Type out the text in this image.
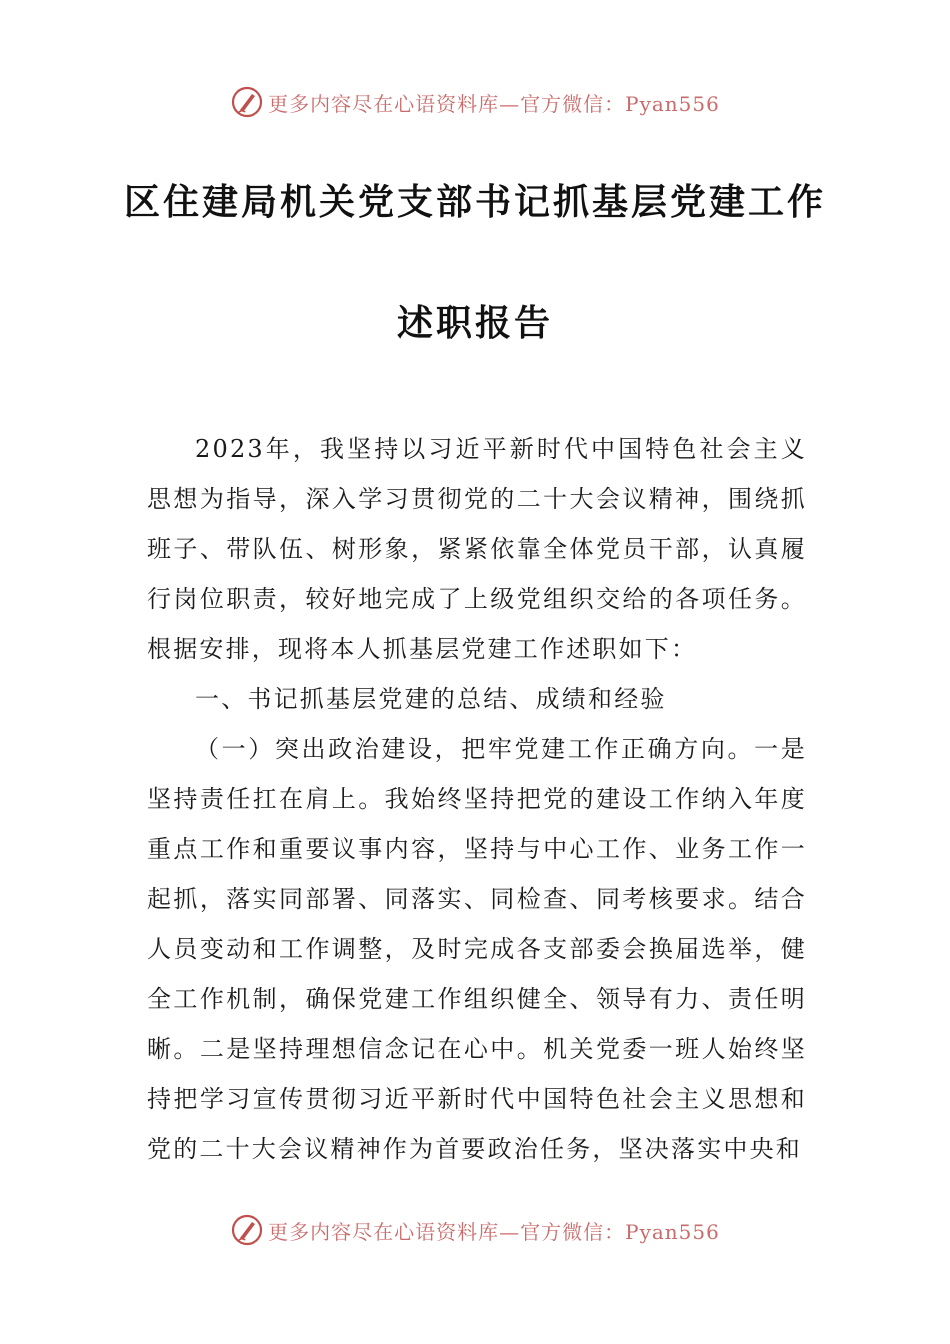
更多内容尽在心语资料库—官方微信：Pyan556
区住建局机关党支部书记抓基层党建工作
述职报告

2023年，我坚持以习近平新时代中国特色社会主义思想为指导，深入学习贯彻党的二十大会议精神，围绕抓班子、带队伍、树形象，紧紧依靠全体党员干部，认真履行岗位职责，较好地完成了上级党组织交给的各项任务。根据安排，现将本人抓基层党建工作述职如下：

一、书记抓基层党建的总结、成绩和经验

（一）突出政治建设，把牢党建工作正确方向。一是坚持责任扛在肩上。我始终坚持把党的建设工作纳入年度重点工作和重要议事内容，坚持与中心工作、业务工作一起抓，落实同部署、同落实、同检查、同考核要求。结合人员变动和工作调整，及时完成各支部委会换届选举，健全工作机制，确保党建工作组织健全、领导有力、责任明晰。二是坚持理想信念记在心中。机关党委一班人始终坚持把学习宣传贯彻习近平新时代中国特色社会主义思想和党的二十大会议精神作为首要政治任务，坚决落实中央和

更多内容尽在心语资料库—官方微信：Pyan556
